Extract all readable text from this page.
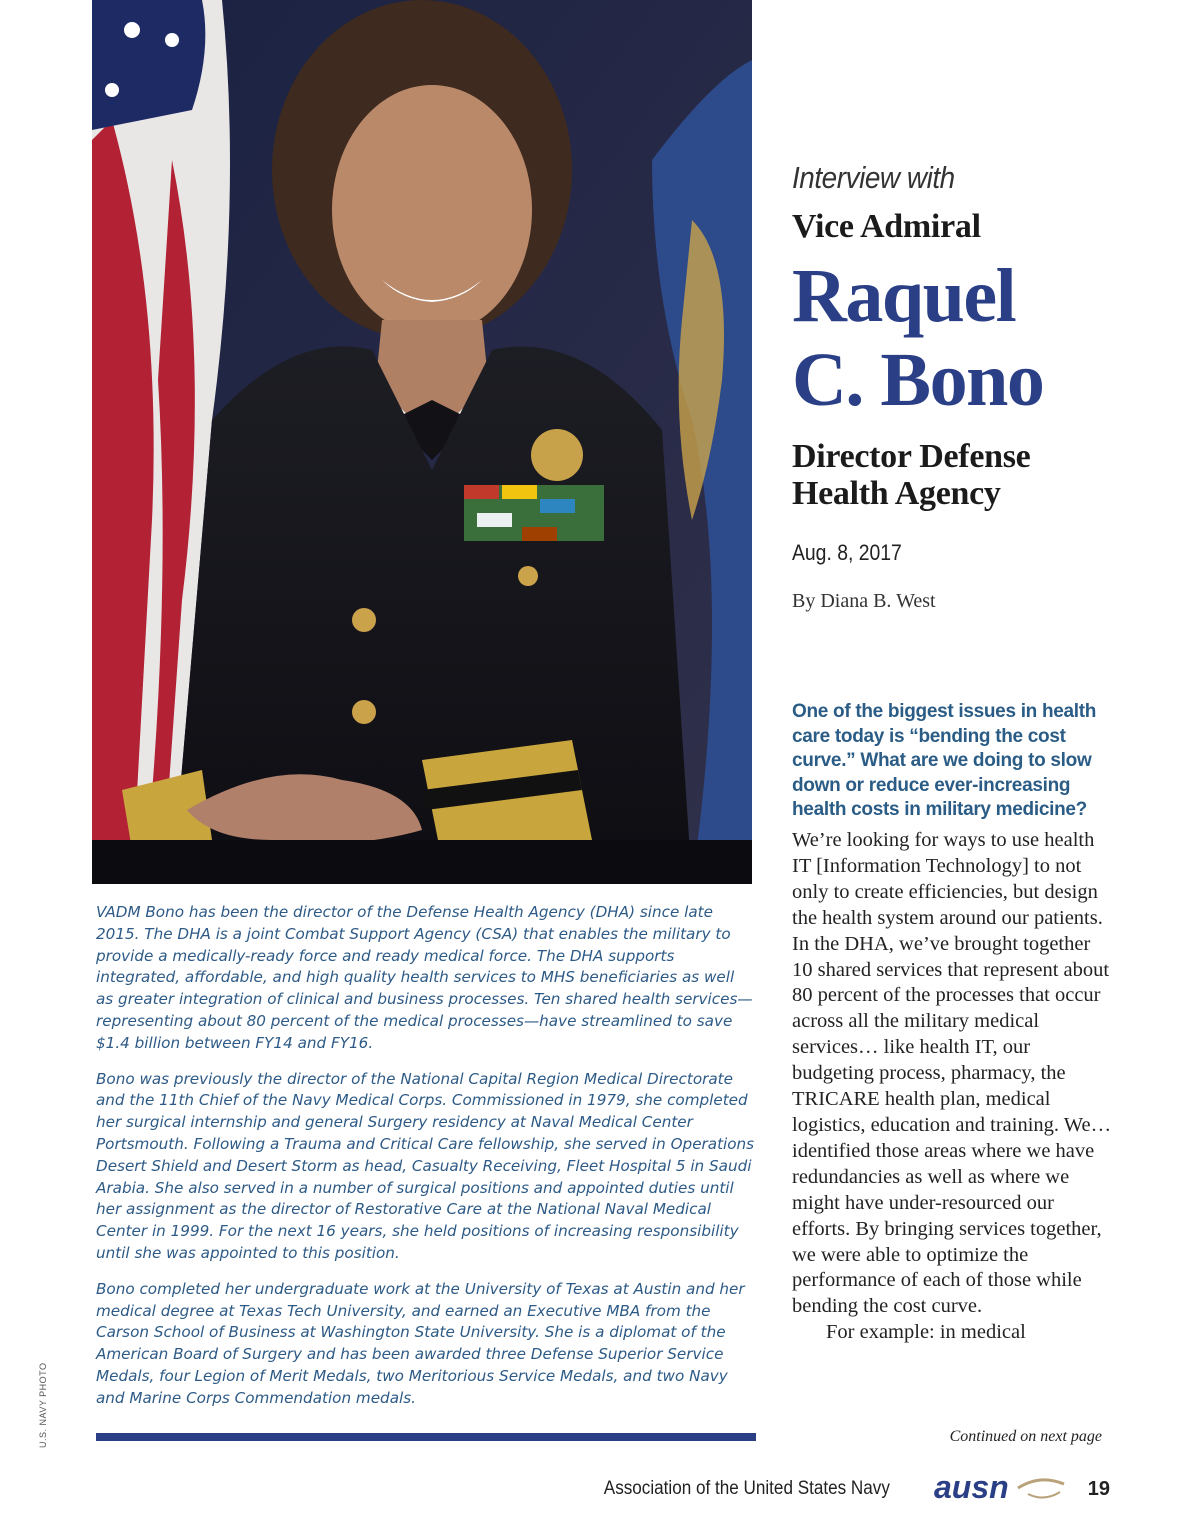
U.S. NAVY PHOTO

VADM Bono has been the director of the Defense Health Agency (DHA) since late 2015. The DHA is a joint Combat Support Agency (CSA) that enables the military to provide a medically-ready force and ready medical force. The DHA supports integrated, affordable, and high quality health services to MHS beneficiaries as well as greater integration of clinical and business processes. Ten shared health services—representing about 80 percent of the medical processes—have streamlined to save $1.4 billion between FY14 and FY16.

Bono was previously the director of the National Capital Region Medical Directorate and the 11th Chief of the Navy Medical Corps. Commissioned in 1979, she completed her surgical internship and general Surgery residency at Naval Medical Center Portsmouth. Following a Trauma and Critical Care fellowship, she served in Operations Desert Shield and Desert Storm as head, Casualty Receiving, Fleet Hospital 5 in Saudi Arabia. She also served in a number of surgical positions and appointed duties until her assignment as the director of Restorative Care at the National Naval Medical Center in 1999. For the next 16 years, she held positions of increasing responsibility until she was appointed to this position.

Bono completed her undergraduate work at the University of Texas at Austin and her medical degree at Texas Tech University, and earned an Executive MBA from the Carson School of Business at Washington State University. She is a diplomat of the American Board of Surgery and has been awarded three Defense Superior Service Medals, four Legion of Merit Medals, two Meritorious Service Medals, and two Navy and Marine Corps Commendation medals.

Interview with
Vice Admiral
Raquel
C. Bono
Director Defense
Health Agency
Aug. 8, 2017
By Diana B. West
One of the biggest issues in health care today is “bending the cost curve.” What are we doing to slow down or reduce ever-increasing health costs in military medicine?

We’re looking for ways to use health IT [Information Technology] to not only to create efficiencies, but design the health system around our patients. In the DHA, we’ve brought together 10 shared services that represent about 80 percent of the processes that occur across all the military medical services… like health IT, our budgeting process, pharmacy, the TRICARE health plan, medical logistics, education and training. We… identified those areas where we have redundancies as well as where we might have under-resourced our efforts. By bringing services together, we were able to optimize the performance of each of those while bending the cost curve.

For example: in medical

Continued on next page
Association of the United States Navy ausn	19
